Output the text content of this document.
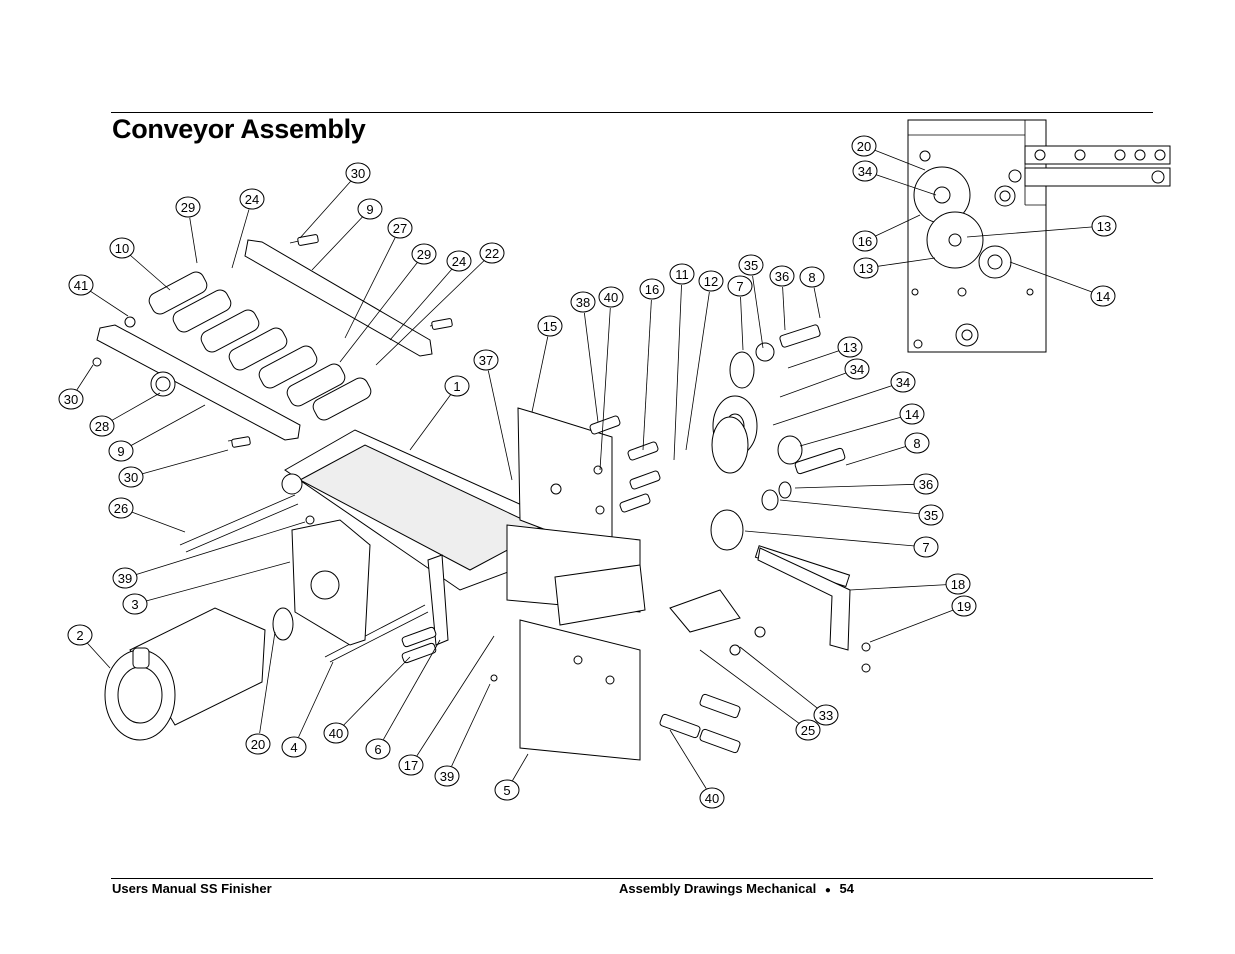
Conveyor Assembly
30
29
24
9
27
10	29 24
22
41
30
28
9
30
26
39
3
2
20 4
40
6
17
39
5
37
1
15
38 40
16
11 12 7
35
36 8
13
34
34
14
8
36
35
7
18
19
33
25
40
20
34
16
13
13
14
Users Manual SS Finisher	Assembly Drawings Mechanical ● 54
